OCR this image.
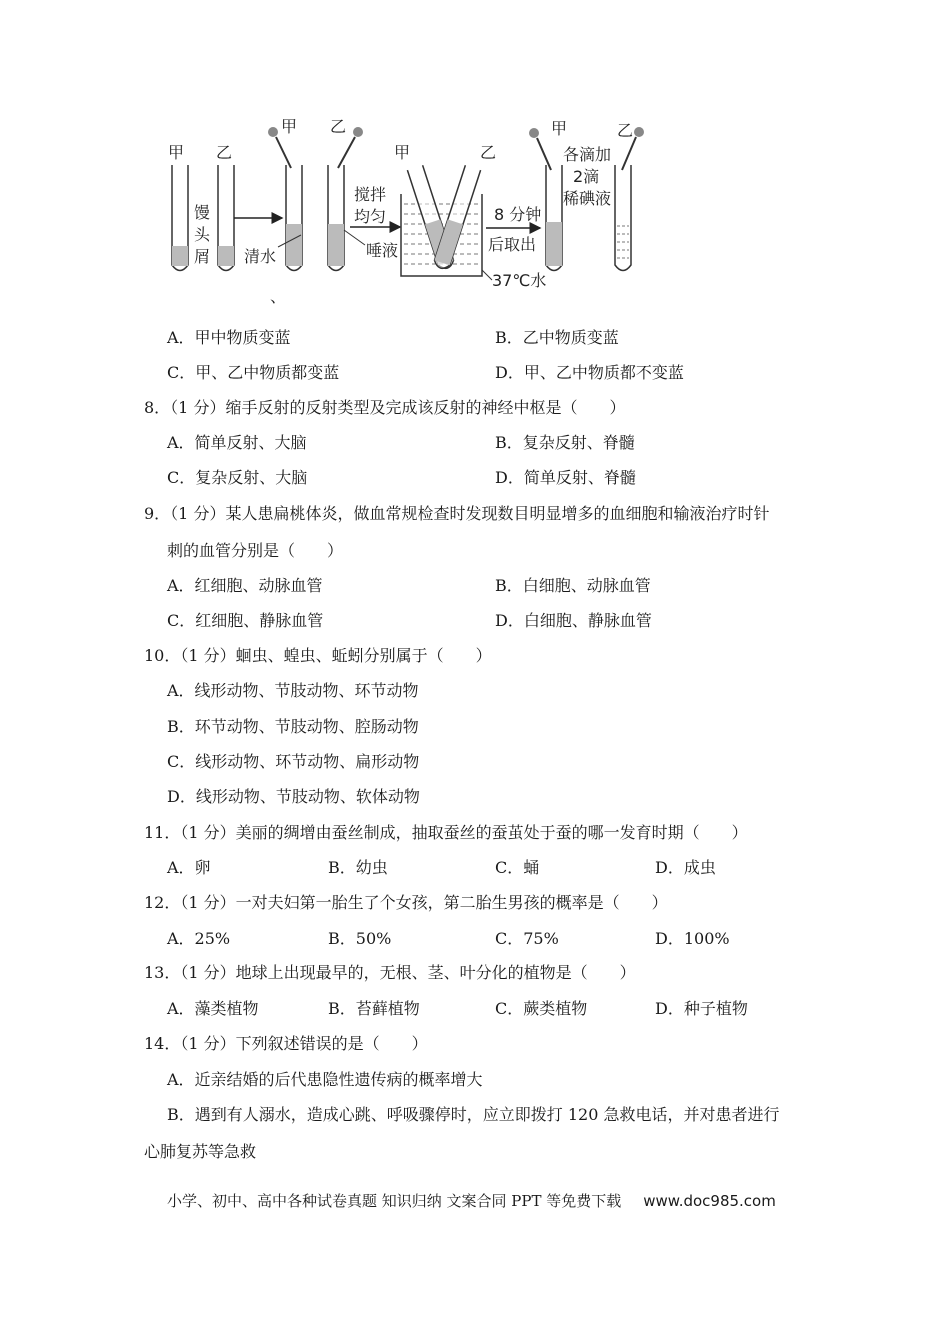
甲 乙
馒
头
屑
甲 乙
清水	唾液
搅拌
均匀
甲	乙
37℃水
、
8 分钟
后取出
甲	乙
各滴加
2滴
稀碘液
A．甲中物质变蓝	B．乙中物质变蓝
C．甲、乙中物质都变蓝	D．甲、乙中物质都不变蓝
8．（1 分）缩手反射的反射类型及完成该反射的神经中枢是（　　）
A．简单反射、大脑	B．复杂反射、脊髓
C．复杂反射、大脑	D．简单反射、脊髓
9．（1 分）某人患扁桃体炎，做血常规检查时发现数目明显增多的血细胞和输液治疗时针
刺的血管分别是（　　）
A．红细胞、动脉血管	B．白细胞、动脉血管
C．红细胞、静脉血管	D．白细胞、静脉血管
10．（1 分）蛔虫、蝗虫、蚯蚓分别属于（　　）
A．线形动物、节肢动物、环节动物
B．环节动物、节肢动物、腔肠动物
C．线形动物、环节动物、扁形动物
D．线形动物、节肢动物、软体动物
11．（1 分）美丽的绸增由蚕丝制成，抽取蚕丝的蚕茧处于蚕的哪一发育时期（　　）
A．卵	B．幼虫	C．蛹	D．成虫
12．（1 分）一对夫妇第一胎生了个女孩，第二胎生男孩的概率是（　　）
A．25%	B．50%	C．75%	D．100%
13．（1 分）地球上出现最早的，无根、茎、叶分化的植物是（　　）
A．藻类植物	B．苔藓植物	C．蕨类植物	D．种子植物
14．（1 分）下列叙述错误的是（　　）
A．近亲结婚的后代患隐性遗传病的概率增大
B．遇到有人溺水，造成心跳、呼吸骤停时，应立即拨打 120 急救电话，并对患者进行
心肺复苏等急救
小学、初中、高中各种试卷真题 知识归纳 文案合同 PPT 等免费下载 www.doc985.com
